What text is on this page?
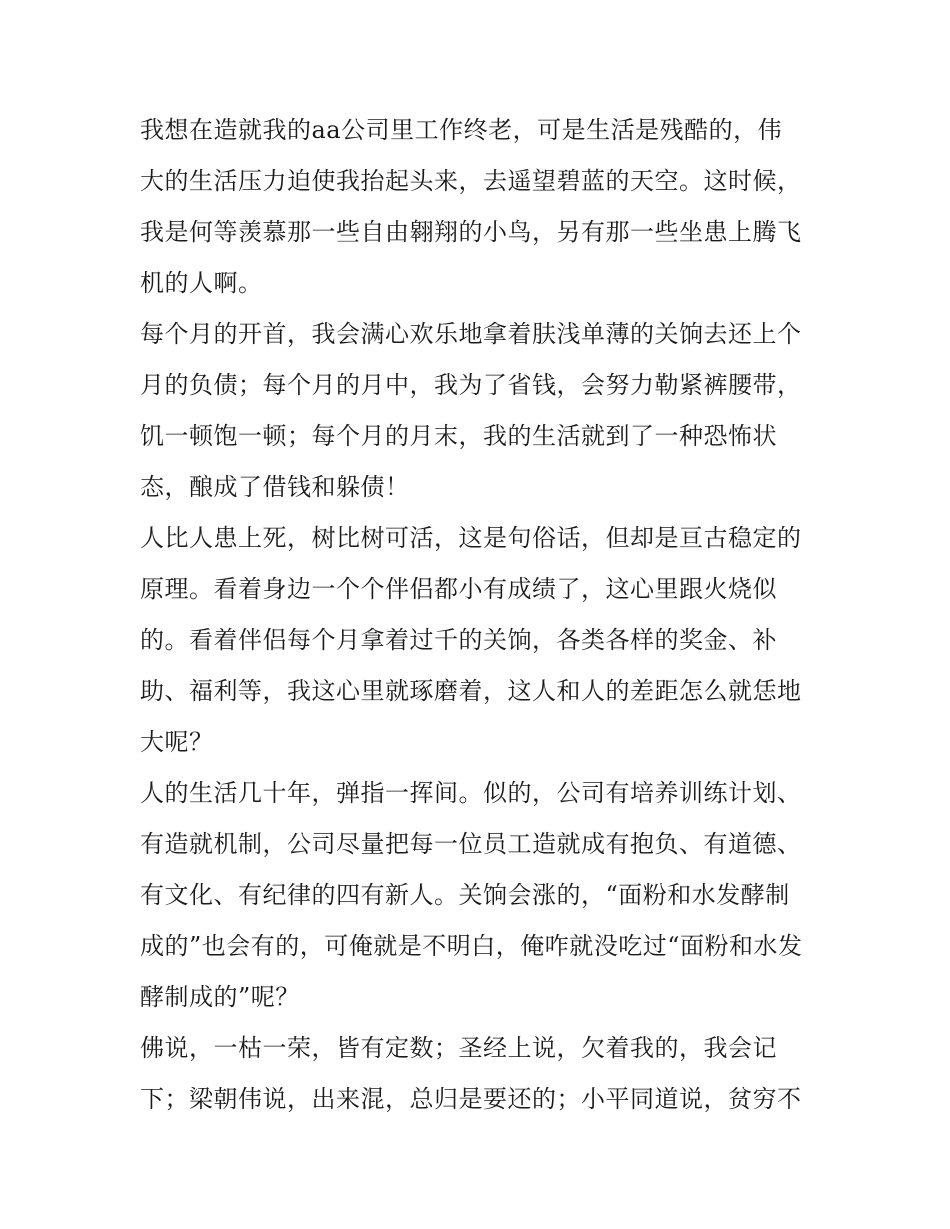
我想在造就我的aa公司里工作终老，可是生活是残酷的，伟
大的生活压力迫使我抬起头来，去遥望碧蓝的天空。这时候，
我是何等羡慕那一些自由翱翔的小鸟，另有那一些坐患上腾飞
机的人啊。
每个月的开首，我会满心欢乐地拿着肤浅单薄的关饷去还上个
月的负债；每个月的月中，我为了省钱，会努力勒紧裤腰带，
饥一顿饱一顿；每个月的月末，我的生活就到了一种恐怖状
态，酿成了借钱和躲债！
人比人患上死，树比树可活，这是句俗话，但却是亘古稳定的
原理。看着身边一个个伴侣都小有成绩了，这心里跟火烧似
的。看着伴侣每个月拿着过千的关饷，各类各样的奖金、补
助、福利等，我这心里就琢磨着，这人和人的差距怎么就恁地
大呢？
人的生活几十年，弹指一挥间。似的，公司有培养训练计划、
有造就机制，公司尽量把每一位员工造就成有抱负、有道德、
有文化、有纪律的四有新人。关饷会涨的，“面粉和水发酵制
成的”也会有的，可俺就是不明白，俺咋就没吃过“面粉和水发
酵制成的”呢？
佛说，一枯一荣，皆有定数；圣经上说，欠着我的，我会记
下；梁朝伟说，出来混，总归是要还的；小平同道说，贫穷不
